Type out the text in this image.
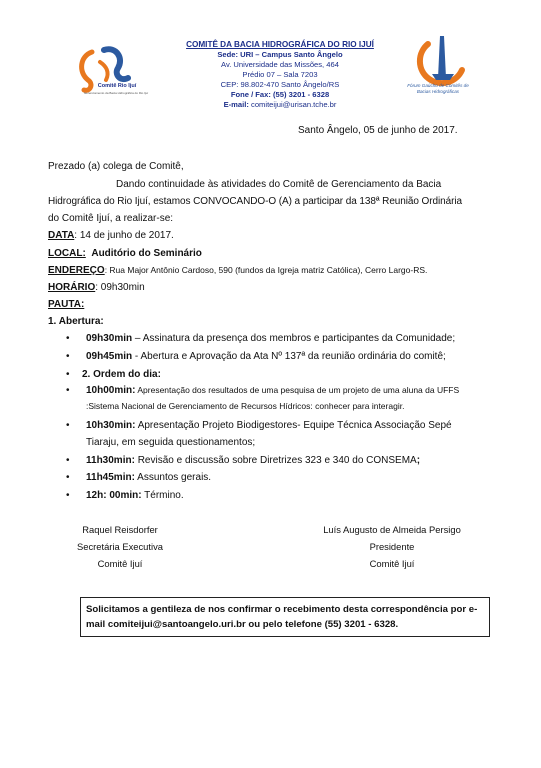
Comitê Rio Ijuí
Gerenciamento da Bacia Hidrográfica do Rio Ijuí
COMITÊ DA BACIA HIDROGRÁFICA DO RIO IJUÍ
Sede: URI – Campus Santo Ângelo
Av. Universidade das Missões, 464
Prédio 07 – Sala 7203
CEP: 98.802-470 Santo Ângelo/RS
Fone / Fax: (55) 3201 - 6328
E-mail: comiteijui@urisan.tche.br
Fórum Gaúcho de Comitês de Bacias Hidrográficas
Santo Ângelo, 05 de junho de 2017.
Prezado (a) colega de Comitê,
Dando continuidade às atividades do Comitê de Gerenciamento da Bacia
Hidrográfica do Rio Ijuí, estamos CONVOCANDO-O (A) a participar da 138ª Reunião Ordinária
do Comitê Ijuí, a realizar-se:
DATA: 14 de junho de 2017.
LOCAL: Auditório do Seminário
ENDEREÇO: Rua Major Antônio Cardoso, 590 (fundos da Igreja matriz Católica), Cerro Largo-RS.
HORÁRIO: 09h30min
PAUTA:
1. Abertura:
• 09h30min – Assinatura da presença dos membros e participantes da Comunidade;
• 09h45min - Abertura e Aprovação da Ata Nº 137ª da reunião ordinária do comitê;
• 2. Ordem do dia:
• 10h00min: Apresentação dos resultados de uma pesquisa de um projeto de uma aluna da UFFS
:Sistema Nacional de Gerenciamento de Recursos Hídricos: conhecer para interagir.
• 10h30min: Apresentação Projeto Biodigestores- Equipe Técnica Associação Sepé
Tiaraju, em seguida questionamentos;
• 11h30min: Revisão e discussão sobre Diretrizes 323 e 340 do CONSEMA;
• 11h45min: Assuntos gerais.
• 12h: 00min: Término.
Raquel Reisdorfer
Secretária Executiva
Comitê Ijuí
Luís Augusto de Almeida Persigo
Presidente
Comitê Ijuí

Solicitamos a gentileza de nos confirmar o recebimento desta correspondência por e-
mail comiteijui@santoangelo.uri.br ou pelo telefone (55) 3201 - 6328.
